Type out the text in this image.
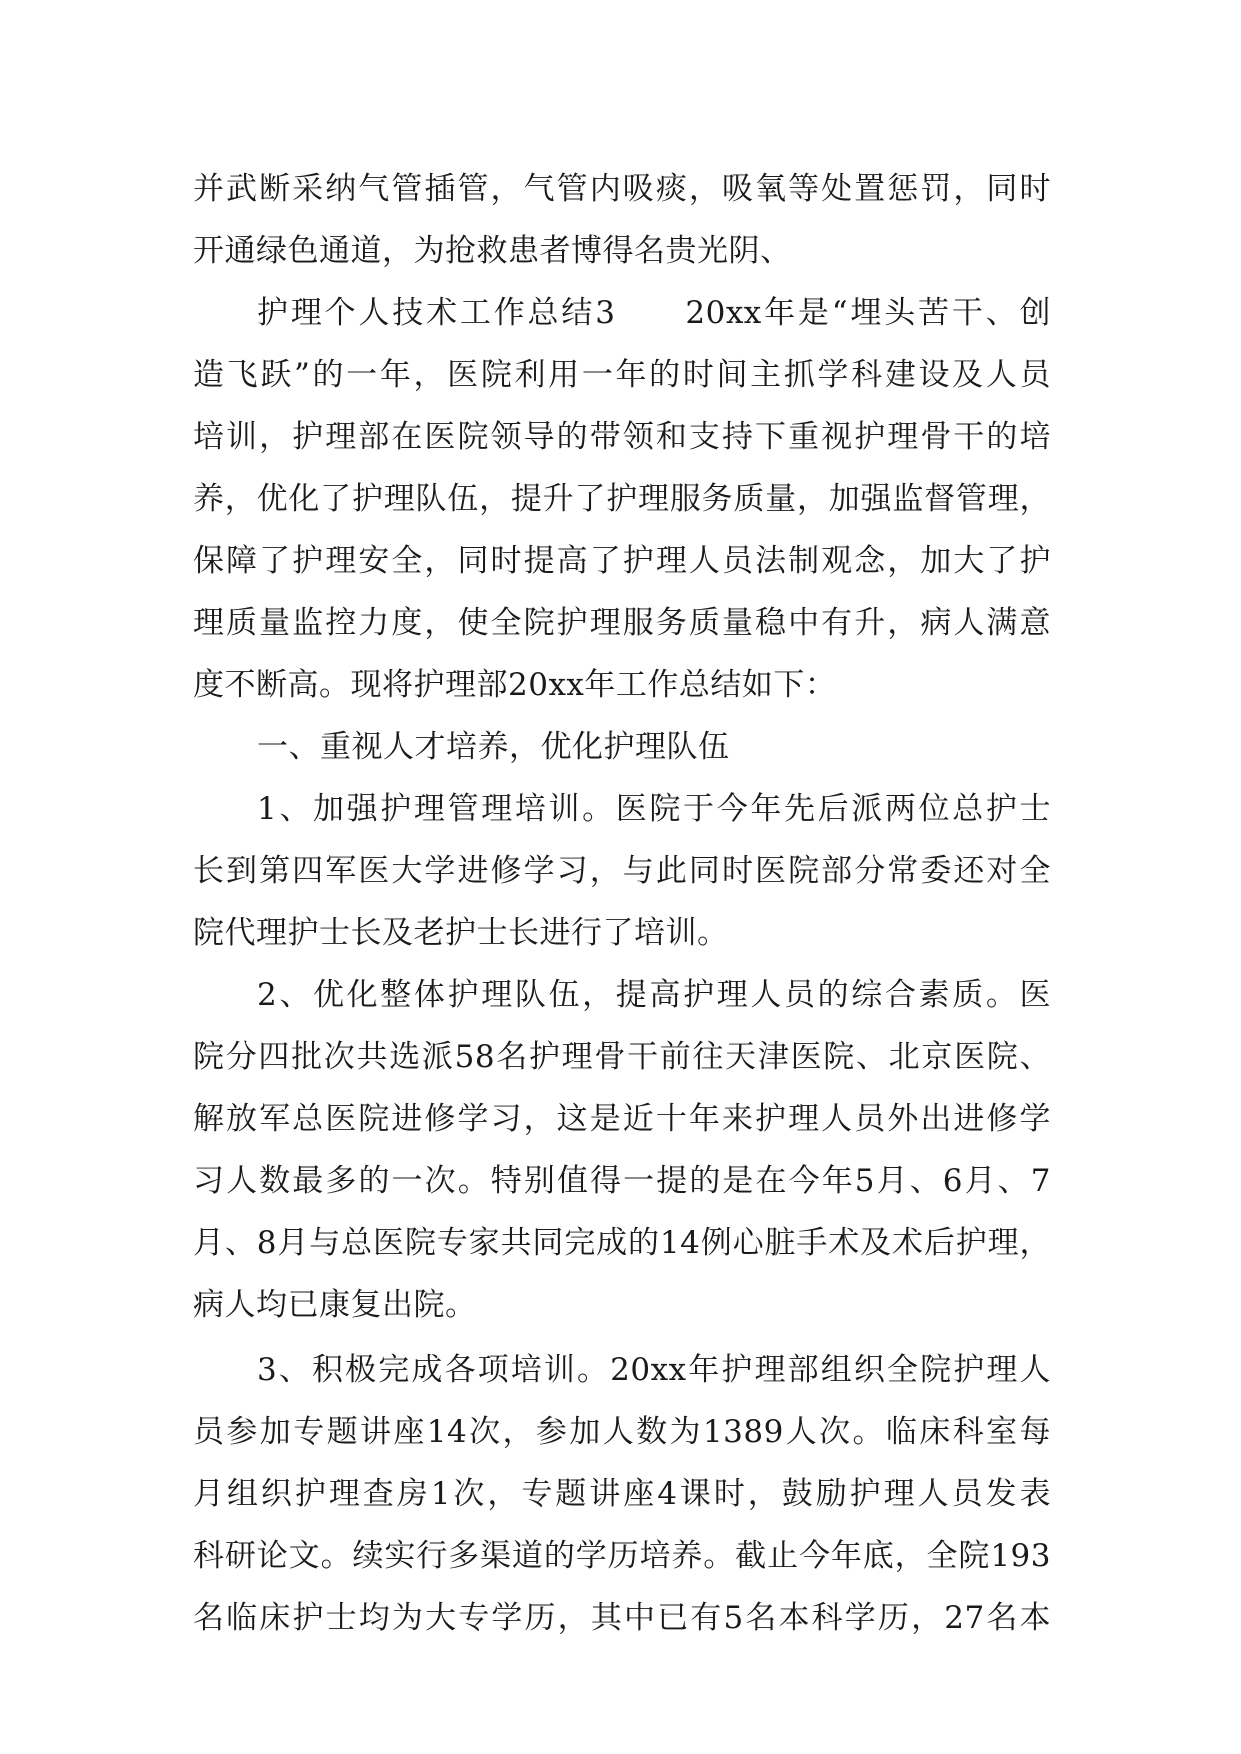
并武断采纳气管插管，气管内吸痰，吸氧等处置惩罚，同时
开通绿色通道，为抢救患者博得名贵光阴、
护理个人技术工作总结3　　20xx年是“埋头苦干、创
造飞跃”的一年，医院利用一年的时间主抓学科建设及人员
培训，护理部在医院领导的带领和支持下重视护理骨干的培
养，优化了护理队伍，提升了护理服务质量，加强监督管理，
保障了护理安全，同时提高了护理人员法制观念，加大了护
理质量监控力度，使全院护理服务质量稳中有升，病人满意
度不断高。现将护理部20xx年工作总结如下：
一、重视人才培养，优化护理队伍
1、加强护理管理培训。医院于今年先后派两位总护士
长到第四军医大学进修学习，与此同时医院部分常委还对全
院代理护士长及老护士长进行了培训。
2、优化整体护理队伍，提高护理人员的综合素质。医
院分四批次共选派58名护理骨干前往天津医院、北京医院、
解放军总医院进修学习，这是近十年来护理人员外出进修学
习人数最多的一次。特别值得一提的是在今年5月、6月、7
月、8月与总医院专家共同完成的14例心脏手术及术后护理，
病人均已康复出院。
3、积极完成各项培训。20xx年护理部组织全院护理人
员参加专题讲座14次，参加人数为1389人次。临床科室每
月组织护理查房1次，专题讲座4课时，鼓励护理人员发表
科研论文。续实行多渠道的学历培养。截止今年底，全院193
名临床护士均为大专学历，其中已有5名本科学历，27名本
